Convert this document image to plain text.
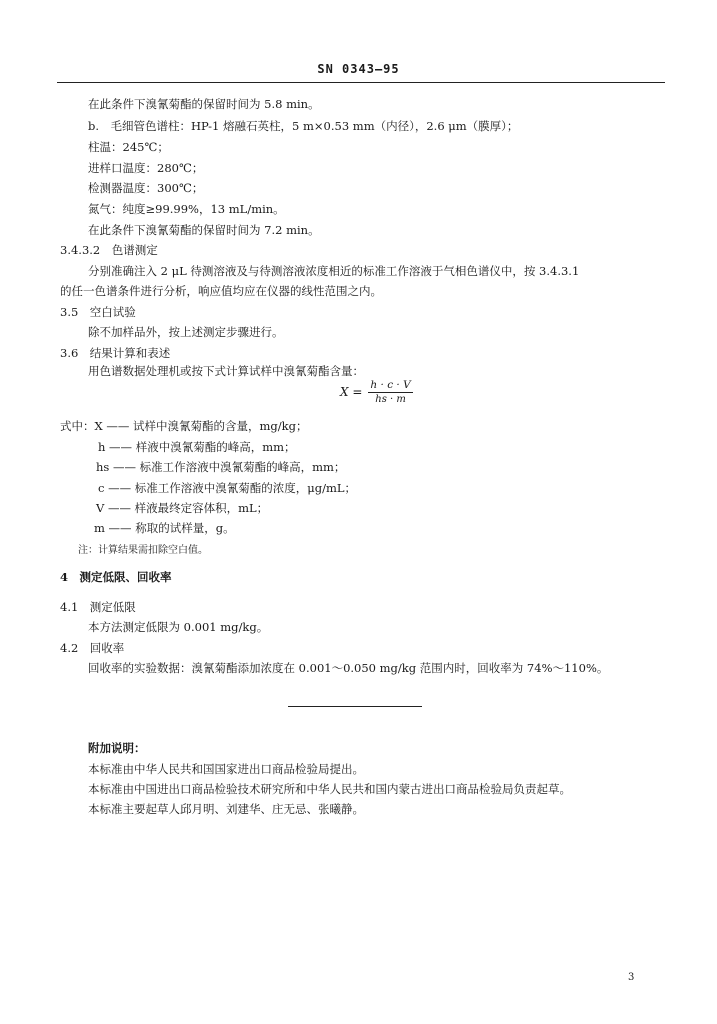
SN 0343—95
在此条件下溴氰菊酯的保留时间为 5.8 min。
b.　毛细管色谱柱：HP-1 熔融石英柱，5 m×0.53 mm（内径），2.6 μm（膜厚）；
柱温：245℃；
进样口温度：280℃；
检测器温度：300℃；
氮气：纯度≥99.99%，13 mL/min。
在此条件下溴氰菊酯的保留时间为 7.2 min。
3.4.3.2　色谱测定
分别准确注入 2 μL 待测溶液及与待测溶液浓度相近的标准工作溶液于气相色谱仪中，按 3.4.3.1
的任一色谱条件进行分析，响应值均应在仪器的线性范围之内。
3.5　空白试验
除不加样品外，按上述测定步骤进行。
3.6　结果计算和表述
用色谱数据处理机或按下式计算试样中溴氰菊酯含量：
$X = \frac{h \cdot c \cdot V}{hs \cdot m}$
式中：X —— 试样中溴氰菊酯的含量，mg/kg；
h —— 样液中溴氰菊酯的峰高，mm；
hs —— 标准工作溶液中溴氰菊酯的峰高，mm；
c —— 标准工作溶液中溴氰菊酯的浓度，μg/mL；
V —— 样液最终定容体积，mL；
m —— 称取的试样量，g。
注：计算结果需扣除空白值。
4　测定低限、回收率
4.1　测定低限
本方法测定低限为 0.001 mg/kg。
4.2　回收率
回收率的实验数据：溴氰菊酯添加浓度在 0.001～0.050 mg/kg 范围内时，回收率为 74%～110%。
附加说明：
本标准由中华人民共和国国家进出口商品检验局提出。
本标准由中国进出口商品检验技术研究所和中华人民共和国内蒙古进出口商品检验局负责起草。
本标准主要起草人邱月明、刘建华、庄无忌、张曦静。
3
